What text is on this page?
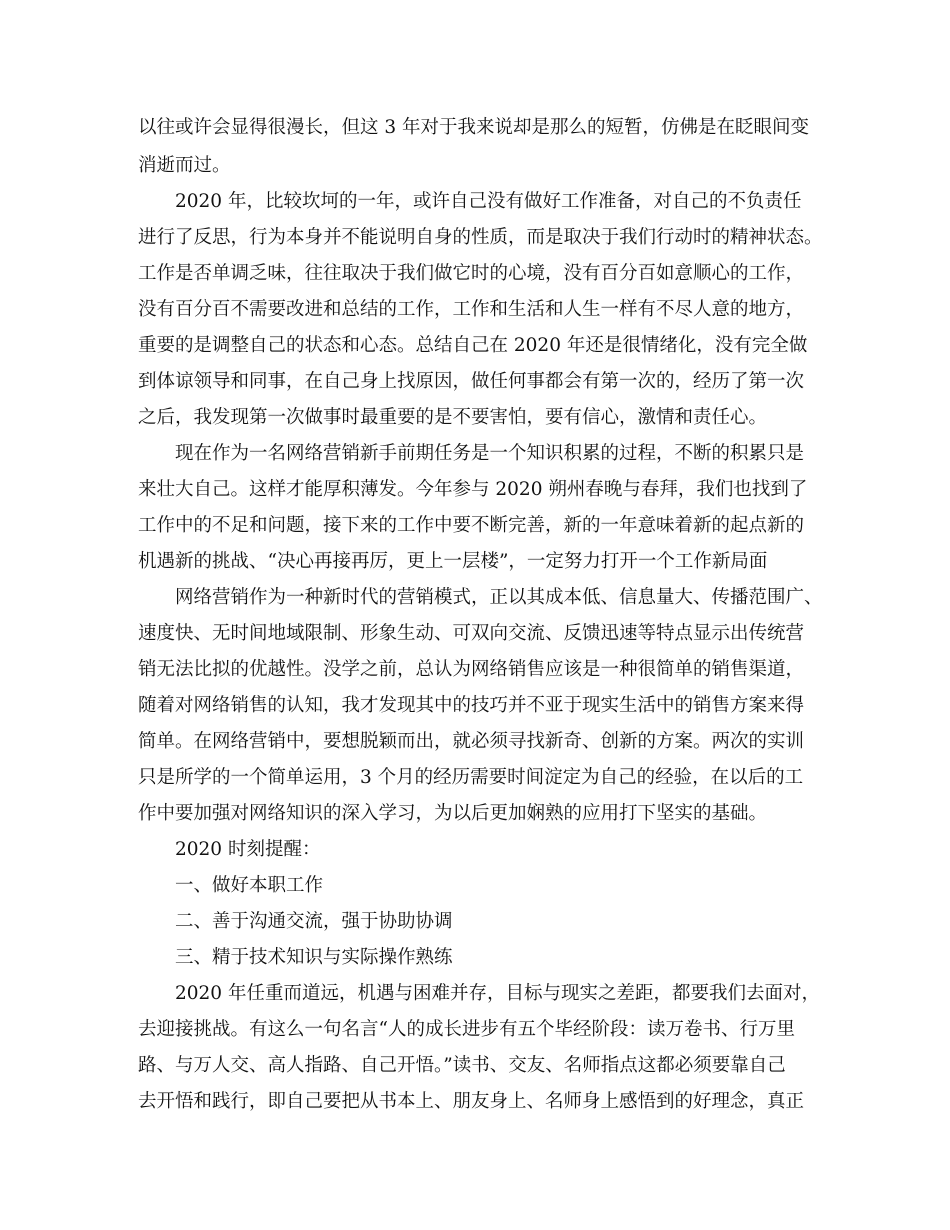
以往或许会显得很漫长，但这 3 年对于我来说却是那么的短暂，仿佛是在眨眼间变
消逝而过。
2020 年，比较坎坷的一年，或许自己没有做好工作准备，对自己的不负责任
进行了反思，行为本身并不能说明自身的性质，而是取决于我们行动时的精神状态。
工作是否单调乏味，往往取决于我们做它时的心境，没有百分百如意顺心的工作，
没有百分百不需要改进和总结的工作，工作和生活和人生一样有不尽人意的地方，
重要的是调整自己的状态和心态。总结自己在 2020 年还是很情绪化，没有完全做
到体谅领导和同事，在自己身上找原因，做任何事都会有第一次的，经历了第一次
之后，我发现第一次做事时最重要的是不要害怕，要有信心，激情和责任心。
现在作为一名网络营销新手前期任务是一个知识积累的过程，不断的积累只是
来壮大自己。这样才能厚积薄发。今年参与 2020 朔州春晚与春拜，我们也找到了
工作中的不足和问题，接下来的工作中要不断完善，新的一年意味着新的起点新的
机遇新的挑战、“决心再接再厉，更上一层楼”，一定努力打开一个工作新局面
网络营销作为一种新时代的营销模式，正以其成本低、信息量大、传播范围广、
速度快、无时间地域限制、形象生动、可双向交流、反馈迅速等特点显示出传统营
销无法比拟的优越性。没学之前，总认为网络销售应该是一种很简单的销售渠道，
随着对网络销售的认知，我才发现其中的技巧并不亚于现实生活中的销售方案来得
简单。在网络营销中，要想脱颖而出，就必须寻找新奇、创新的方案。两次的实训
只是所学的一个简单运用，3 个月的经历需要时间淀定为自己的经验，在以后的工
作中要加强对网络知识的深入学习，为以后更加娴熟的应用打下坚实的基础。
2020 时刻提醒：
一、做好本职工作
二、善于沟通交流，强于协助协调
三、精于技术知识与实际操作熟练
2020 年任重而道远，机遇与困难并存，目标与现实之差距，都要我们去面对，
去迎接挑战。有这么一句名言“人的成长进步有五个毕经阶段：读万卷书、行万里
路、与万人交、高人指路、自己开悟。”读书、交友、名师指点这都必须要靠自己
去开悟和践行，即自己要把从书本上、朋友身上、名师身上感悟到的好理念，真正
